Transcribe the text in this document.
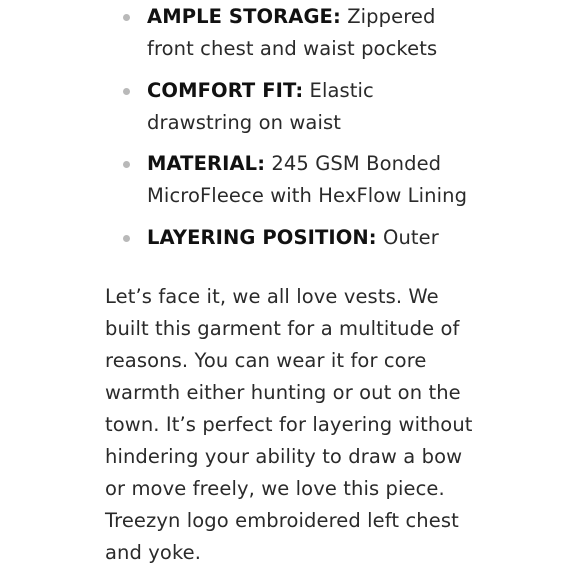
AMPLE STORAGE: Zippered front chest and waist pockets
COMFORT FIT: Elastic drawstring on waist
MATERIAL: 245 GSM Bonded MicroFleece with HexFlow Lining
LAYERING POSITION: Outer

Let’s face it, we all love vests. We built this garment for a multitude of reasons. You can wear it for core warmth either hunting or out on the town. It’s perfect for layering without hindering your ability to draw a bow or move freely, we love this piece. Treezyn logo embroidered left chest and yoke.
